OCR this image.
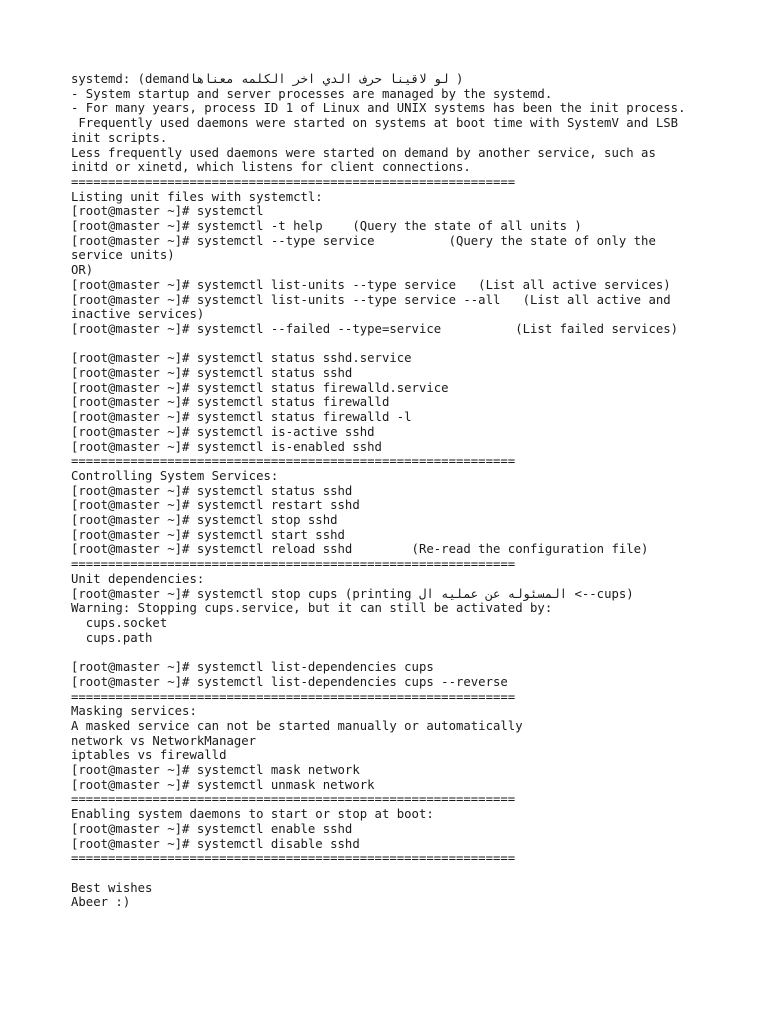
systemd: (demandلو لاقينا حرف الدي اخر الكلمه معناها )
- System startup and server processes are managed by the systemd.
- For many years, process ID 1 of Linux and UNIX systems has been the init process.
Frequently used daemons were started on systems at boot time with SystemV and LSB
init scripts.
Less frequently used daemons were started on demand by another service, such as
initd or xinetd, which listens for client connections.
============================================================
Listing unit files with systemctl:
[root@master ~]# systemctl
[root@master ~]# systemctl -t help    (Query the state of all units )
[root@master ~]# systemctl --type service          (Query the state of only the
service units)
OR)
[root@master ~]# systemctl list-units --type service   (List all active services)
[root@master ~]# systemctl list-units --type service --all   (List all active and
inactive services)
[root@master ~]# systemctl --failed --type=service          (List failed services)
[root@master ~]# systemctl status sshd.service
[root@master ~]# systemctl status sshd
[root@master ~]# systemctl status firewalld.service
[root@master ~]# systemctl status firewalld
[root@master ~]# systemctl status firewalld -l
[root@master ~]# systemctl is-active sshd
[root@master ~]# systemctl is-enabled sshd
============================================================
Controlling System Services:
[root@master ~]# systemctl status sshd
[root@master ~]# systemctl restart sshd
[root@master ~]# systemctl stop sshd
[root@master ~]# systemctl start sshd
[root@master ~]# systemctl reload sshd        (Re-read the configuration file)
============================================================
Unit dependencies:
[root@master ~]# systemctl stop cups (printing المسئوله عن عمليه ال <--cups)
Warning: Stopping cups.service, but it can still be activated by:
cups.socket
cups.path
[root@master ~]# systemctl list-dependencies cups
[root@master ~]# systemctl list-dependencies cups --reverse
============================================================
Masking services:
A masked service can not be started manually or automatically
network vs NetworkManager
iptables vs firewalld
[root@master ~]# systemctl mask network
[root@master ~]# systemctl unmask network
============================================================
Enabling system daemons to start or stop at boot:
[root@master ~]# systemctl enable sshd
[root@master ~]# systemctl disable sshd
============================================================
Best wishes
Abeer :)
